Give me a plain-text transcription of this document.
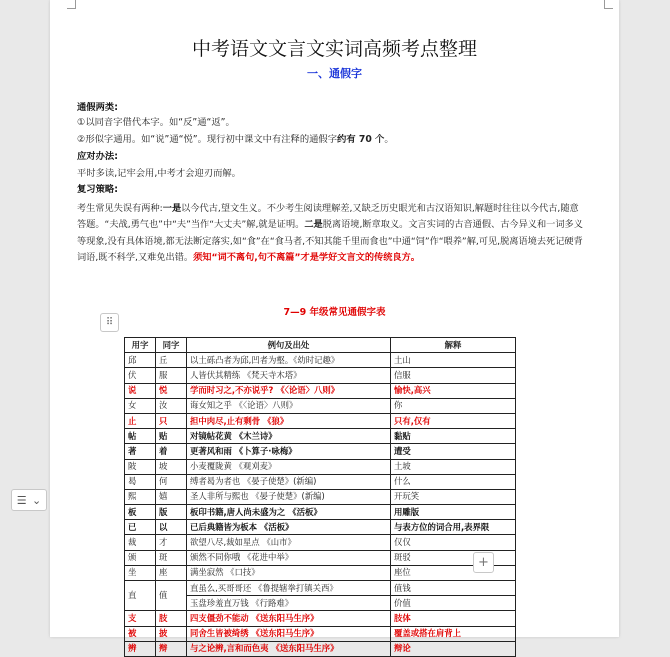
中考语文文言文实词高频考点整理
一、通假字
通假两类:
①以同音字借代本字。如“反”通“返”。
②形似字通用。如“说”通“悦”。现行初中课文中有注释的通假字约有 70 个。
应对办法:
平时多读,记牢会用,中考才会迎刃而解。
复习策略:
考生常见失误有两种:一是以今代古,望文生义。不少考生阅读理解差,又缺乏历史眼光和古汉语知识,解题时往往以今代古,随意答题。“夫战,勇气也”中“夫”当作“大丈夫”解,就是证明。二是脱离语境,断章取义。文言实词的古音通假、古今异义和一词多义等现象,没有具体语境,都无法断定落实,如“食”在“食马者,不知其能千里而食也”中通“饲”作“喂养”解,可见,脱离语境去死记硬背词语,既不科学,又难免出错。须知“词不离句,句不离篇”才是学好文言文的传统良方。
7—9 年级常见通假字表
⠿
用字	同字	例句及出处	解释
邱	丘	以土砾凸者为邱,凹者为壑。《幼时记趣》	土山
伏	服	人皆伏其精练 《梵天寺木塔》	信服
说	悦	学而时习之,不亦说乎? 《〈论语〉八则》	愉快,高兴
女	汝	诲女知之乎 《〈论语〉八则》	你
止	只	担中肉尽,止有剩骨 《狼》	只有,仅有
帖	贴	对镜帖花黄 《木兰诗》	黏贴
著	着	更著风和雨 《卜算子·咏梅》	遭受
陂	坡	小麦覆陇黄 《观刈麦》	土坡
曷	何	缚者曷为者也 《晏子使楚》(新编)	什么
熙	嬉	圣人非所与熙也 《晏子使楚》(新编)	开玩笑
板	版	板印书籍,唐人尚未盛为之 《活板》	用雕版
已	以	已后典籍皆为板本 《活板》	与表方位的词合用,表界限
裁	才	欲望八尽,裁如星点 《山市》	仅仅
颁	斑	颁然不同你哦 《花进中举》	斑驳
坐	座	满坐寂然 《口技》	座位
直	值	直虽么,买哥哥还 《鲁提辖拳打镇关西》	值钱
		玉盘珍羞直万钱 《行路难》	价值
支	肢	四支僵劲不能动 《送东阳马生序》	肢体
被	披	同舍生皆被绮绣 《送东阳马生序》	覆盖或搭在肩背上
辨	辩	与之论辨,言和而色夷 《送东阳马生序》	辩论
☰ ⌄
+
